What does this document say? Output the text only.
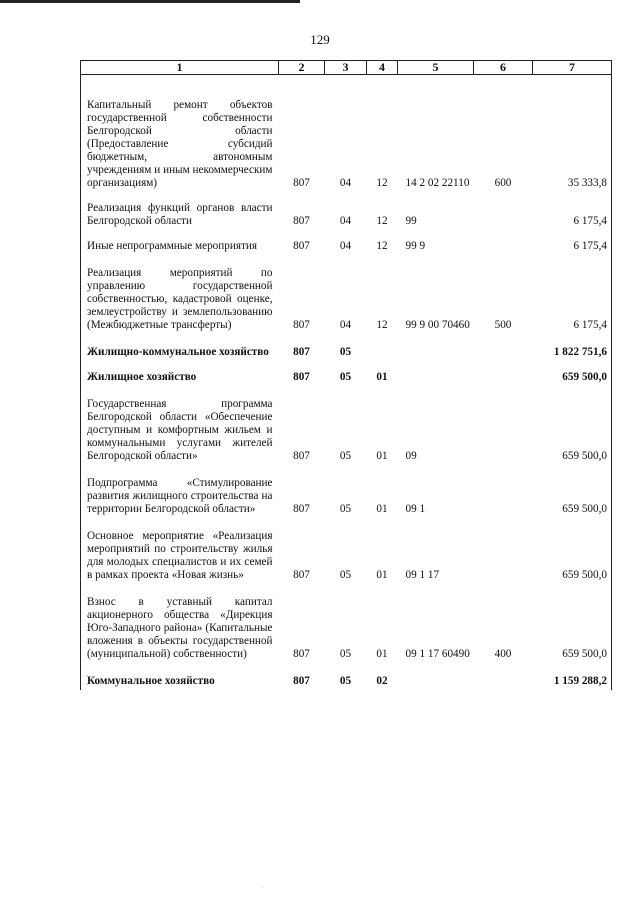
129
1	2	3	4	5	6	7

Капитальный ремонт объектов государственной собственности Белгородской области (Предоставление субсидий бюджетным, автономным учреждениям и иным некоммерческим организациям)	807	04	12	14 2 02 22110	600	35 333,8

Реализация функций органов власти Белгородской области	807	04	12	99		6 175,4

Иные непрограммные мероприятия	807	04	12	99 9		6 175,4

Реализация мероприятий по управлению государственной собственностью, кадастровой оценке, землеустройству и землепользованию (Межбюджетные трансферты)	807	04	12	99 9 00 70460	500	6 175,4

Жилищно-коммунальное хозяйство	807	05				1 822 751,6

Жилищное хозяйство	807	05	01			659 500,0

Государственная программа Белгородской области «Обеспечение доступным и комфортным жильем и коммунальными услугами жителей Белгородской области»	807	05	01	09		659 500,0

Подпрограмма «Стимулирование развития жилищного строительства на территории Белгородской области»	807	05	01	09 1		659 500,0

Основное мероприятие «Реализация мероприятий по строительству жилья для молодых специалистов и их семей в рамках проекта «Новая жизнь»	807	05	01	09 1 17		659 500,0

Взнос в уставный капитал акционерного общества «Дирекция Юго-Западного района» (Капитальные вложения в объекты государственной (муниципальной) собственности)	807	05	01	09 1 17 60490	400	659 500,0

Коммунальное хозяйство	807	05	02			1 159 288,2

.
